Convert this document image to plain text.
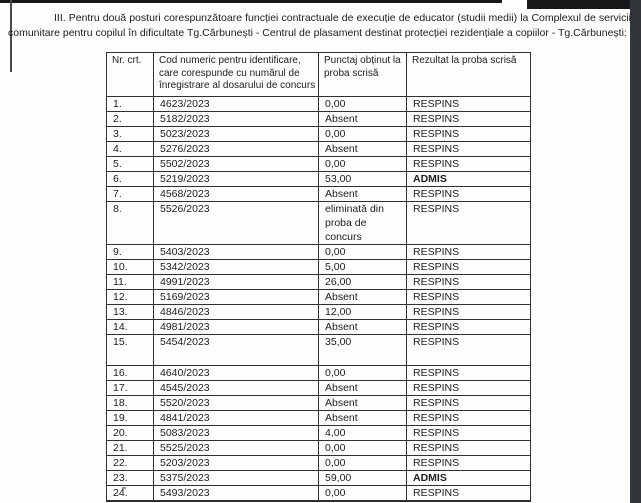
III. Pentru două posturi corespunzătoare funcției contractuale de execuție de educator (studii medii) la Complexul de servicii comunitare pentru copilul în dificultate Tg.Cărbunești - Centrul de plasament destinat protecției rezidențiale a copiilor - Tg.Cărbunești:

Nr. crt.	Cod numeric pentru identificare, care corespunde cu numărul de înregistrare al dosarului de concurs	Punctaj obținut la proba scrisă	Rezultat la proba scrisă
1.	4623/2023	0,00	RESPINS
2.	5182/2023	Absent	RESPINS
3.	5023/2023	0,00	RESPINS
4.	5276/2023	Absent	RESPINS
5.	5502/2023	0,00	RESPINS
6.	5219/2023	53,00	ADMIS
7.	4568/2023	Absent	RESPINS
8.	5526/2023	eliminată din proba de concurs	RESPINS
9.	5403/2023	0,00	RESPINS
10.	5342/2023	5,00	RESPINS
11.	4991/2023	26,00	RESPINS
12.	5169/2023	Absent	RESPINS
13.	4846/2023	12,00	RESPINS
14.	4981/2023	Absent	RESPINS
15.	5454/2023	35,00	RESPINS
16.	4640/2023	0,00	RESPINS
17.	4545/2023	Absent	RESPINS
18.	5520/2023	Absent	RESPINS
19.	4841/2023	Absent	RESPINS
20.	5083/2023	4,00	RESPINS
21.	5525/2023	0,00	RESPINS
22.	5203/2023	0,00	RESPINS
23.	5375/2023	59,00	ADMIS
24.	5493/2023	0,00	RESPINS
